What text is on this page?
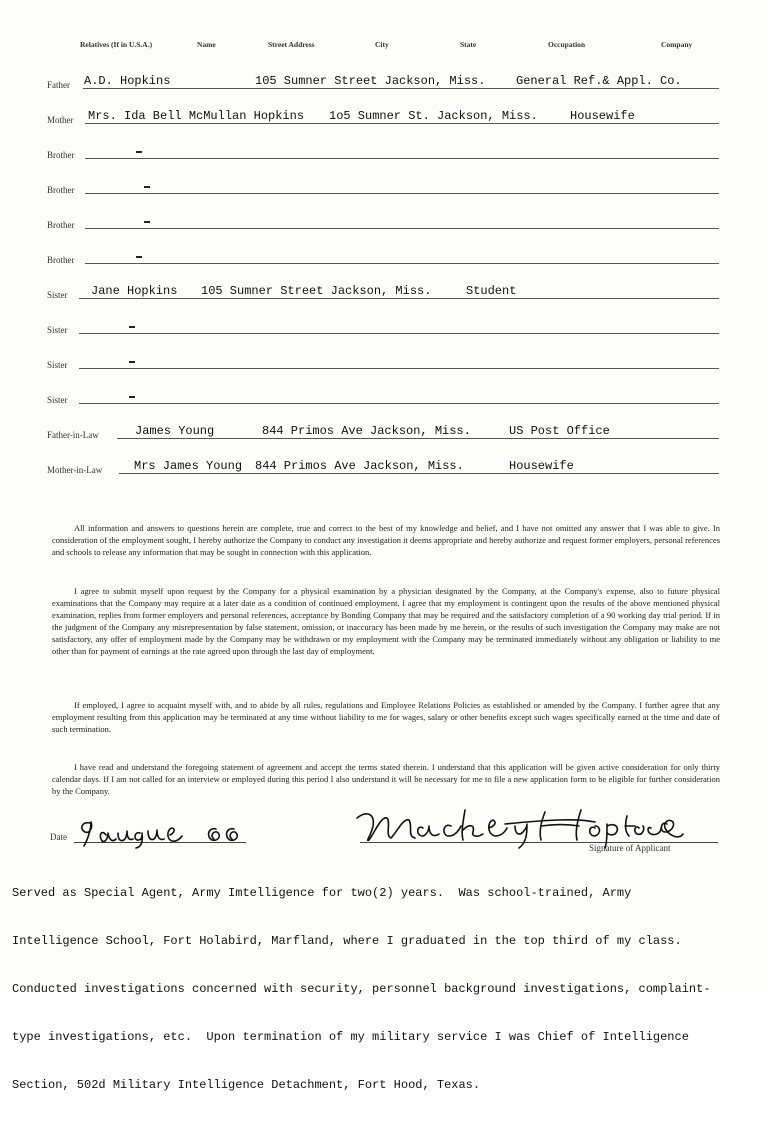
Relatives (If in U.S.A.)	Name	Street Address	City	State	Occupation	Company
Father A.D. Hopkins	105 Sumner Street Jackson, Miss.	General Ref.& Appl. Co.
Mother Mrs. Ida Bell McMullan Hopkins 1o5 Sumner St. Jackson, Miss.	Housewife
Brother
Brother
Brother
Brother
Sister Jane Hopkins 105 Sumner Street Jackson, Miss.	Student
Sister
Sister
Sister
Father-in-Law	James Young	844 Primos Ave Jackson, Miss.	US Post Office
Mother-in-Law	Mrs James Young 844 Primos Ave Jackson, Miss.	Housewife
All information and answers to questions herein are complete, true and correct to the best of my knowledge and belief, and I have not omitted any answer that I was able to give. In consideration of the employment sought, I hereby authorize the Company to conduct any investigation it deems appropriate and hereby authorize and request former employers, personal references and schools to release any information that may be sought in connection with this application.
I agree to submit myself upon request by the Company for a physical examination by a physician designated by the Company, at the Company's expense, also to future physical examinations that the Company may require at a later date as a condition of continued employment. I agree that my employment is contingent upon the results of the above mentioned physical examination, replies from former employers and personal references, acceptance by Bonding Company that may be required and the satisfactory completion of a 90 working day trial period. If in the judgment of the Company any misrepresentation by false statement, omission, or inaccuracy has been made by me herein, or the results of such investigation the Company may make are not satisfactory, any offer of employment made by the Company may be withdrawn or my employment with the Company may be terminated immediately without any obligation or liability to me other than for payment of earnings at the rate agreed upon through the last day of employment.
If employed, I agree to acquaint myself with, and to abide by all rules, regulations and Employee Relations Policies as established or amended by the Company. I further agree that any employment resulting from this application may be terminated at any time without liability to me for wages, salary or other benefits except such wages specifically earned at the time and date of such termination.
I have read and understand the foregoing statement of agreement and accept the terms stated therein. I understand that this application will be given active consideration for only thirty calendar days. If I am not called for an interview or employed during this period I also understand it will be necessary for me to file a new application form to be eligible for further consideration by the Company.
Date
Signature of Applicant

Served as Special Agent, Army Imtelligence for two(2) years.  Was school-trained, Army

Intelligence School, Fort Holabird, Marfland, where I graduated in the top third of my class.

Conducted investigations concerned with security, personnel background investigations, complaint-

type investigations, etc.  Upon termination of my military service I was Chief of Intelligence

Section, 502d Military Intelligence Detachment, Fort Hood, Texas.
